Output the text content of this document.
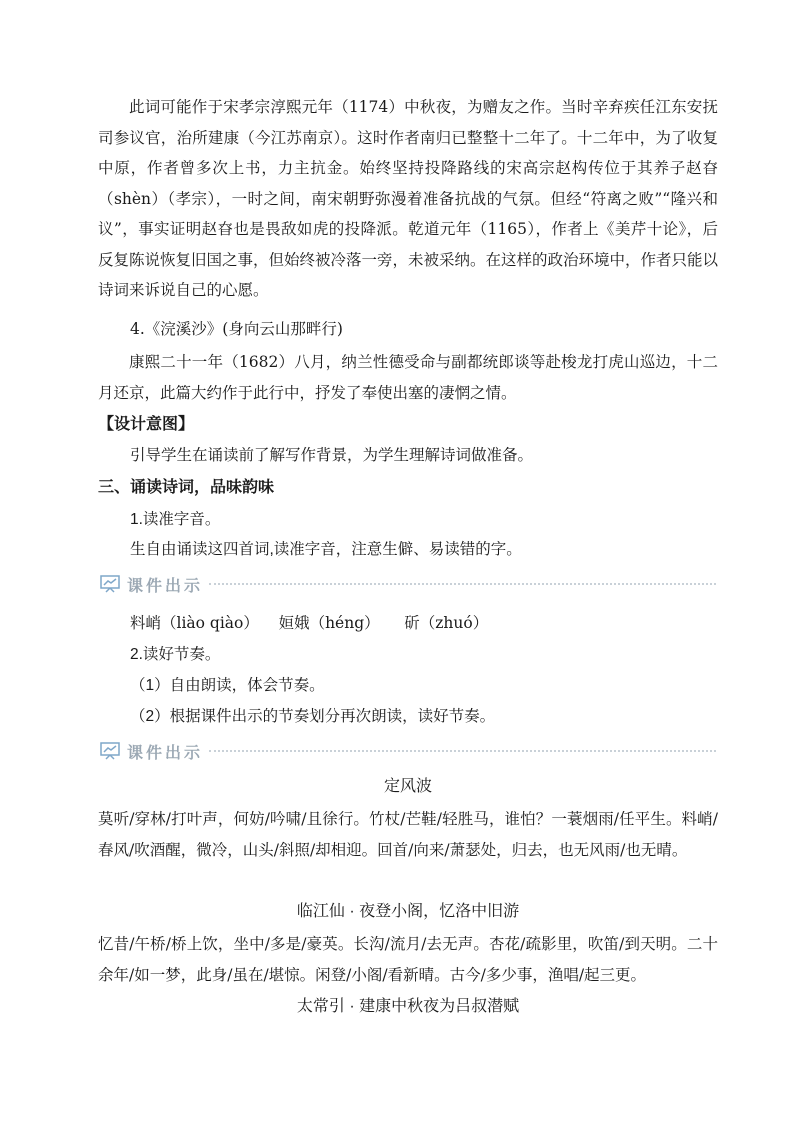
此词可能作于宋孝宗淳熙元年（1174）中秋夜，为赠友之作。当时辛弃疾任江东安抚司参议官，治所建康（今江苏南京）。这时作者南归已整整十二年了。十二年中，为了收复中原，作者曾多次上书，力主抗金。始终坚持投降路线的宋高宗赵构传位于其养子赵昚（shèn）（孝宗），一时之间，南宋朝野弥漫着准备抗战的气氛。但经“符离之败”“隆兴和议”，事实证明赵昚也是畏敌如虎的投降派。乾道元年（1165），作者上《美芹十论》，后反复陈说恢复旧国之事，但始终被冷落一旁，未被采纳。在这样的政治环境中，作者只能以诗词来诉说自己的心愿。

4.《浣溪沙》(身向云山那畔行)

康熙二十一年（1682）八月，纳兰性德受命与副都统郎谈等赴梭龙打虎山巡边，十二月还京，此篇大约作于此行中，抒发了奉使出塞的凄惘之情。

【设计意图】
引导学生在诵读前了解写作背景，为学生理解诗词做准备。
三、诵读诗词，品味韵味
1.读准字音。
生自由诵读这四首词,读准字音，注意生僻、易读错的字。
课件出示
料峭（liào qiào）    姮娥（héng）     斫（zhuó）
2.读好节奏。
（1）自由朗读，体会节奏。
（2）根据课件出示的节奏划分再次朗读，读好节奏。
课件出示
定风波

莫听/穿林/打叶声，何妨/吟啸/且徐行。竹杖/芒鞋/轻胜马，谁怕？一蓑烟雨/任平生。料峭/春风/吹酒醒，微冷，山头/斜照/却相迎。回首/向来/萧瑟处，归去，也无风雨/也无晴。

临江仙 · 夜登小阁，忆洛中旧游

忆昔/午桥/桥上饮，坐中/多是/豪英。长沟/流月/去无声。杏花/疏影里，吹笛/到天明。二十余年/如一梦，此身/虽在/堪惊。闲登/小阁/看新晴。古今/多少事，渔唱/起三更。

太常引 · 建康中秋夜为吕叔潜赋
